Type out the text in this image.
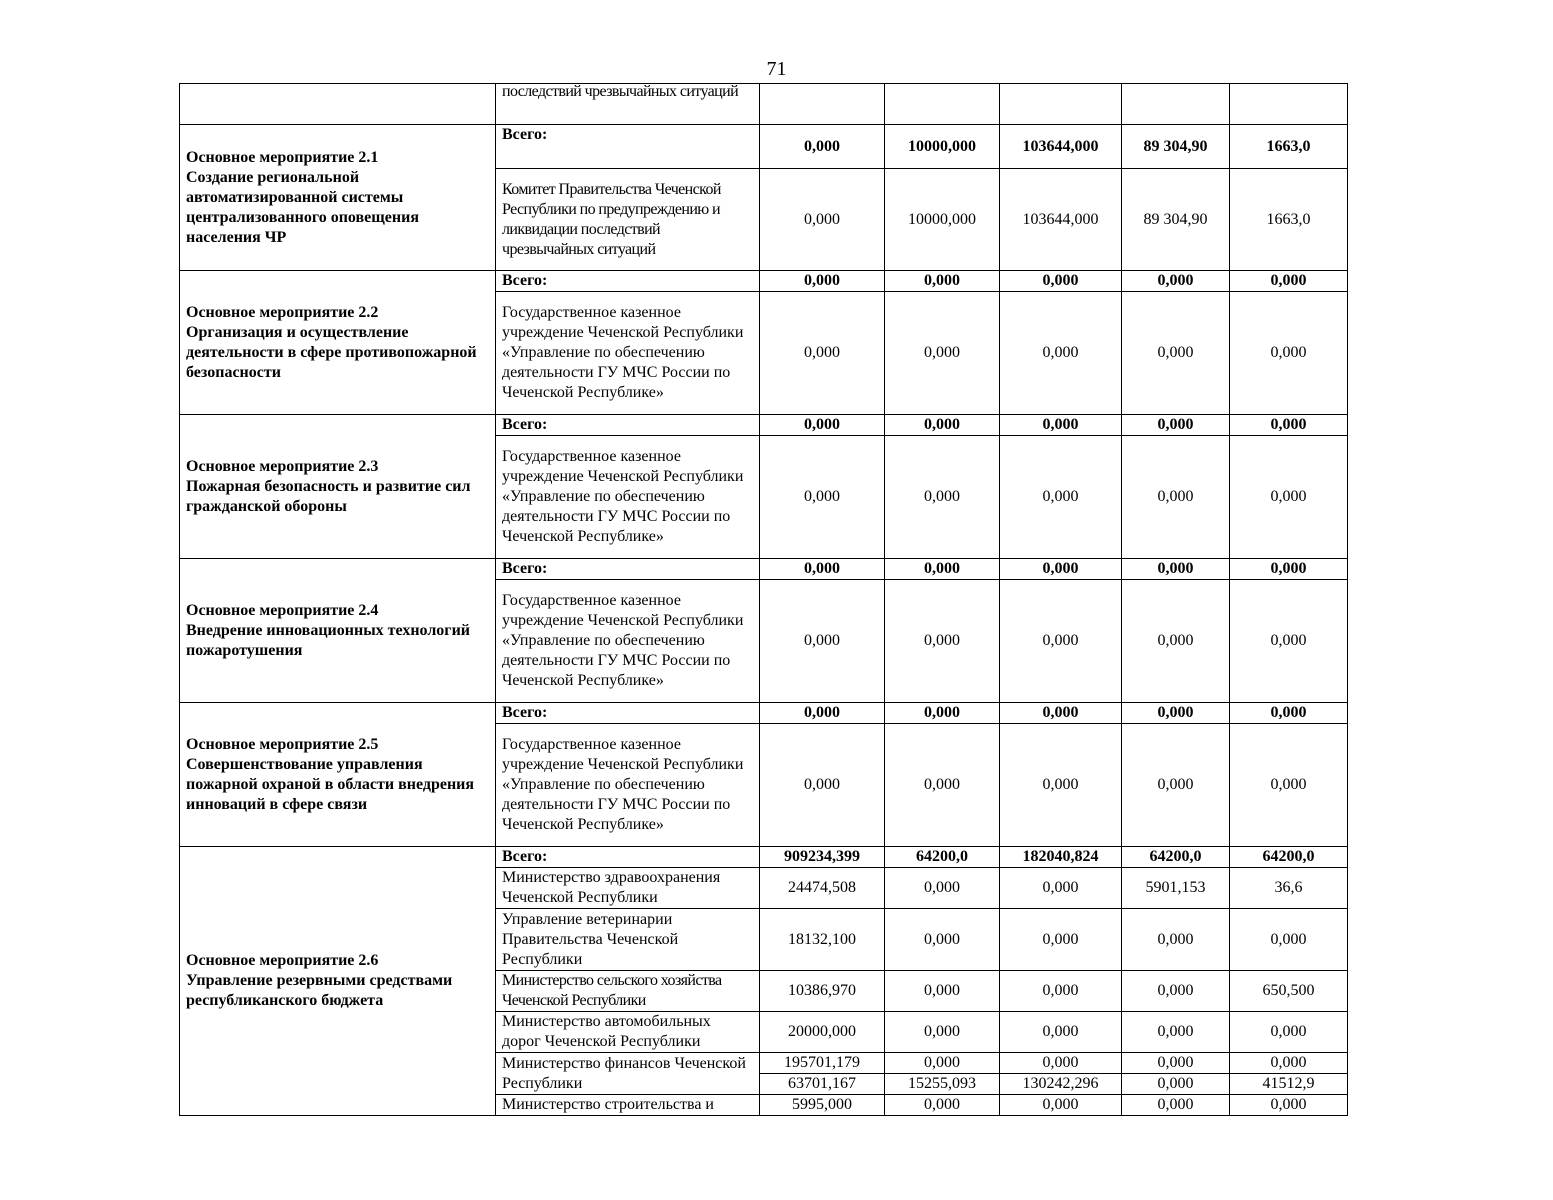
71

	последствий чрезвычайных ситуаций					

Основное мероприятие 2.1
Создание региональной автоматизированной системы централизованного оповещения населения ЧР	Всего:	0,000	10000,000	103644,000	89 304,90	1663,0
	Комитет Правительства Чеченской Республики по предупреждению и ликвидации последствий чрезвычайных ситуаций	0,000	10000,000	103644,000	89 304,90	1663,0
Основное мероприятие 2.2
Организация и осуществление деятельности в сфере противопожарной безопасности	Всего:	0,000	0,000	0,000	0,000	0,000
	Государственное казенное учреждение Чеченской Республики «Управление по обеспечению деятельности ГУ МЧС России по Чеченской Республике»	0,000	0,000	0,000	0,000	0,000
Основное мероприятие 2.3
Пожарная безопасность и развитие сил гражданской обороны	Всего:	0,000	0,000	0,000	0,000	0,000
	Государственное казенное учреждение Чеченской Республики «Управление по обеспечению деятельности ГУ МЧС России по Чеченской Республике»	0,000	0,000	0,000	0,000	0,000
Основное мероприятие 2.4
Внедрение инновационных технологий пожаротушения	Всего:	0,000	0,000	0,000	0,000	0,000
	Государственное казенное учреждение Чеченской Республики «Управление по обеспечению деятельности ГУ МЧС России по Чеченской Республике»	0,000	0,000	0,000	0,000	0,000
Основное мероприятие 2.5
Совершенствование управления пожарной охраной в области внедрения инноваций в сфере связи	Всего:	0,000	0,000	0,000	0,000	0,000
	Государственное казенное учреждение Чеченской Республики «Управление по обеспечению деятельности ГУ МЧС России по Чеченской Республике»	0,000	0,000	0,000	0,000	0,000
Основное мероприятие 2.6
Управление резервными средствами республиканского бюджета	Всего:	909234,399	64200,0	182040,824	64200,0	64200,0
	Министерство здравоохранения Чеченской Республики	24474,508	0,000	0,000	5901,153	36,6
	Управление ветеринарии Правительства Чеченской Республики	18132,100	0,000	0,000	0,000	0,000
	Министерство сельского хозяйства Чеченской Республики	10386,970	0,000	0,000	0,000	650,500
	Министерство автомобильных дорог Чеченской Республики	20000,000	0,000	0,000	0,000	0,000
	Министерство финансов Чеченской Республики	195701,179	0,000	0,000	0,000	0,000
		63701,167	15255,093	130242,296	0,000	41512,9
	Министерство строительства и	5995,000	0,000	0,000	0,000	0,000
